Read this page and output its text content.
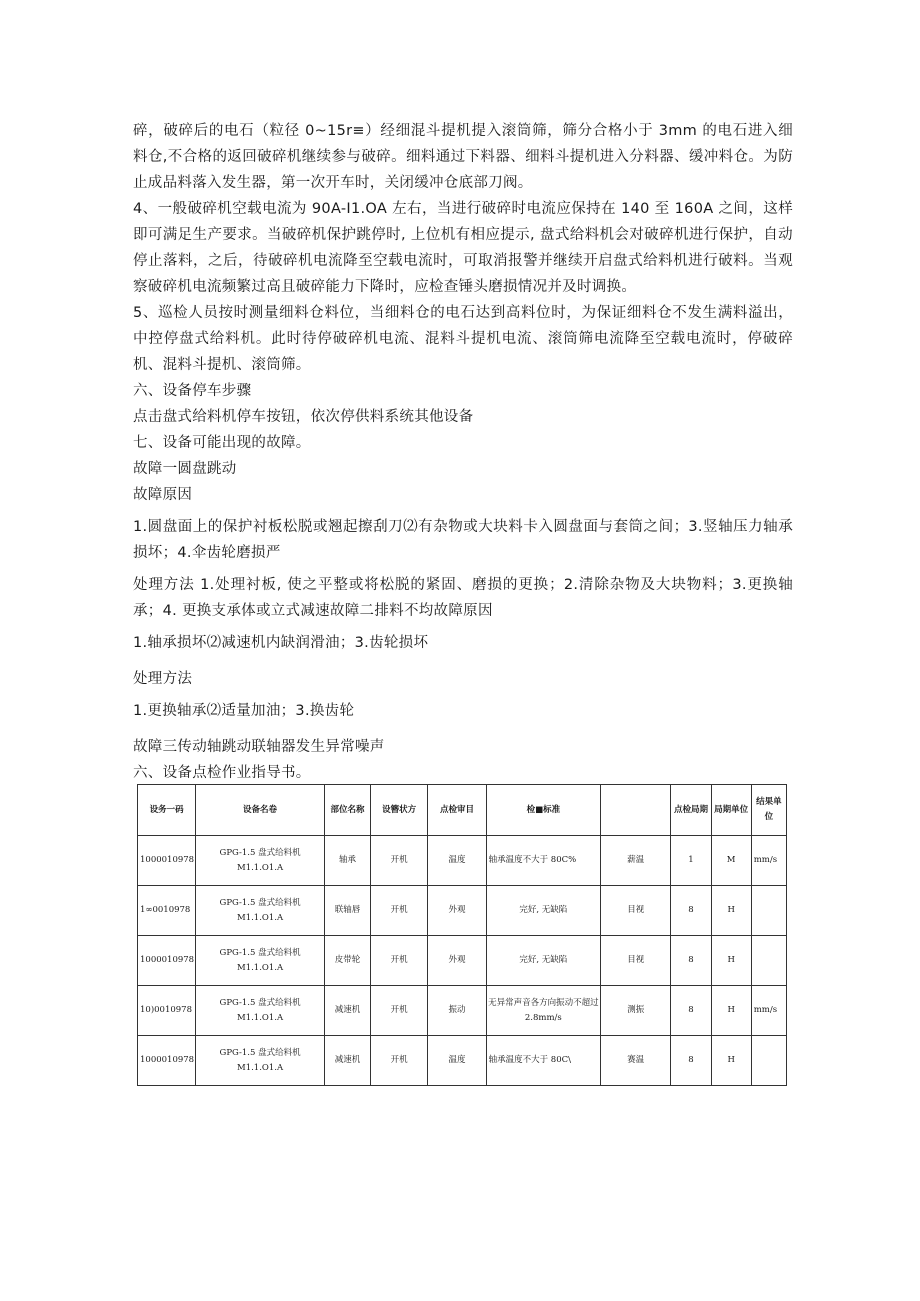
碎，破碎后的电石（粒径 0~15r≡）经细混斗提机提入滚筒筛，筛分合格小于 3mm 的电石进入细料仓,不合格的返回破碎机继续参与破碎。细料通过下料器、细料斗提机进入分料器、缓冲料仓。为防止成品料落入发生器，第一次开车时，关闭缓冲仓底部刀阀。

4、一般破碎机空载电流为 90A-I1.OA 左右，当进行破碎时电流应保持在 140 至 160A 之间，这样即可满足生产要求。当破碎机保护跳停时, 上位机有相应提示, 盘式给料机会对破碎机进行保护，自动停止落料，之后，待破碎机电流降至空载电流时，可取消报警并继续开启盘式给料机进行破料。当观察破碎机电流频繁过高且破碎能力下降时，应检查锤头磨损情况并及时调换。

5、巡检人员按时测量细料仓料位，当细料仓的电石达到高料位时，为保证细料仓不发生满料溢出，中控停盘式给料机。此时待停破碎机电流、混料斗提机电流、滚筒筛电流降至空载电流时，停破碎机、混料斗提机、滚筒筛。

六、设备停车步骤

点击盘式给料机停车按钮，依次停供料系统其他设备

七、设备可能出现的故障。

故障一圆盘跳动

故障原因

1.圆盘面上的保护衬板松脱或翘起擦刮刀⑵有杂物或大块料卡入圆盘面与套筒之间；3.竖轴压力轴承损坏；4.伞齿轮磨损严

处理方法 1.处理衬板, 使之平整或将松脱的紧固、磨损的更换；2.清除杂物及大块物料；3.更换轴承；4. 更换支承体或立式减速故障二排料不均故障原因

1.轴承损坏⑵减速机内缺润滑油；3.齿轮损坏

处理方法

1.更换轴承⑵适量加油；3.换齿轮

故障三传动轴跳动联轴器发生异常噪声

六、设备点检作业指导书。

设务一码	设备名卷	部位名称	设簪状方	点检审目	检■标准		点检局期	局期单位	结果单位
1000010978	GPG-1.5 盘式给料机
M1.1.O1.A	轴承	开机	温度	轴承温度不大于 80C%	薪温	1	M	mm/s
1∞0010978	GPG-1.5 盘式给料机
M1.1.O1.A	联轴唇	开机	外观	完好, 无缺陷	目视	8	H	
1000010978	GPG-1.5 盘式给料机
M1.1.O1.A	皮带轮	开机	外观	完好, 无缺陷	目视	8	H	
10)0010978	GPG-1.5 盘式给料机
M1.1.O1.A	减速机	开机	振动	无异常声音各方向振动不超过 2.8mm∕s	测振	8	H	mm/s
1000010978	GPG-1.5 盘式给料机
M1.1.O1.A	减速机	开机	温度	轴承温度不大于 80C\	赛温	8	H	
